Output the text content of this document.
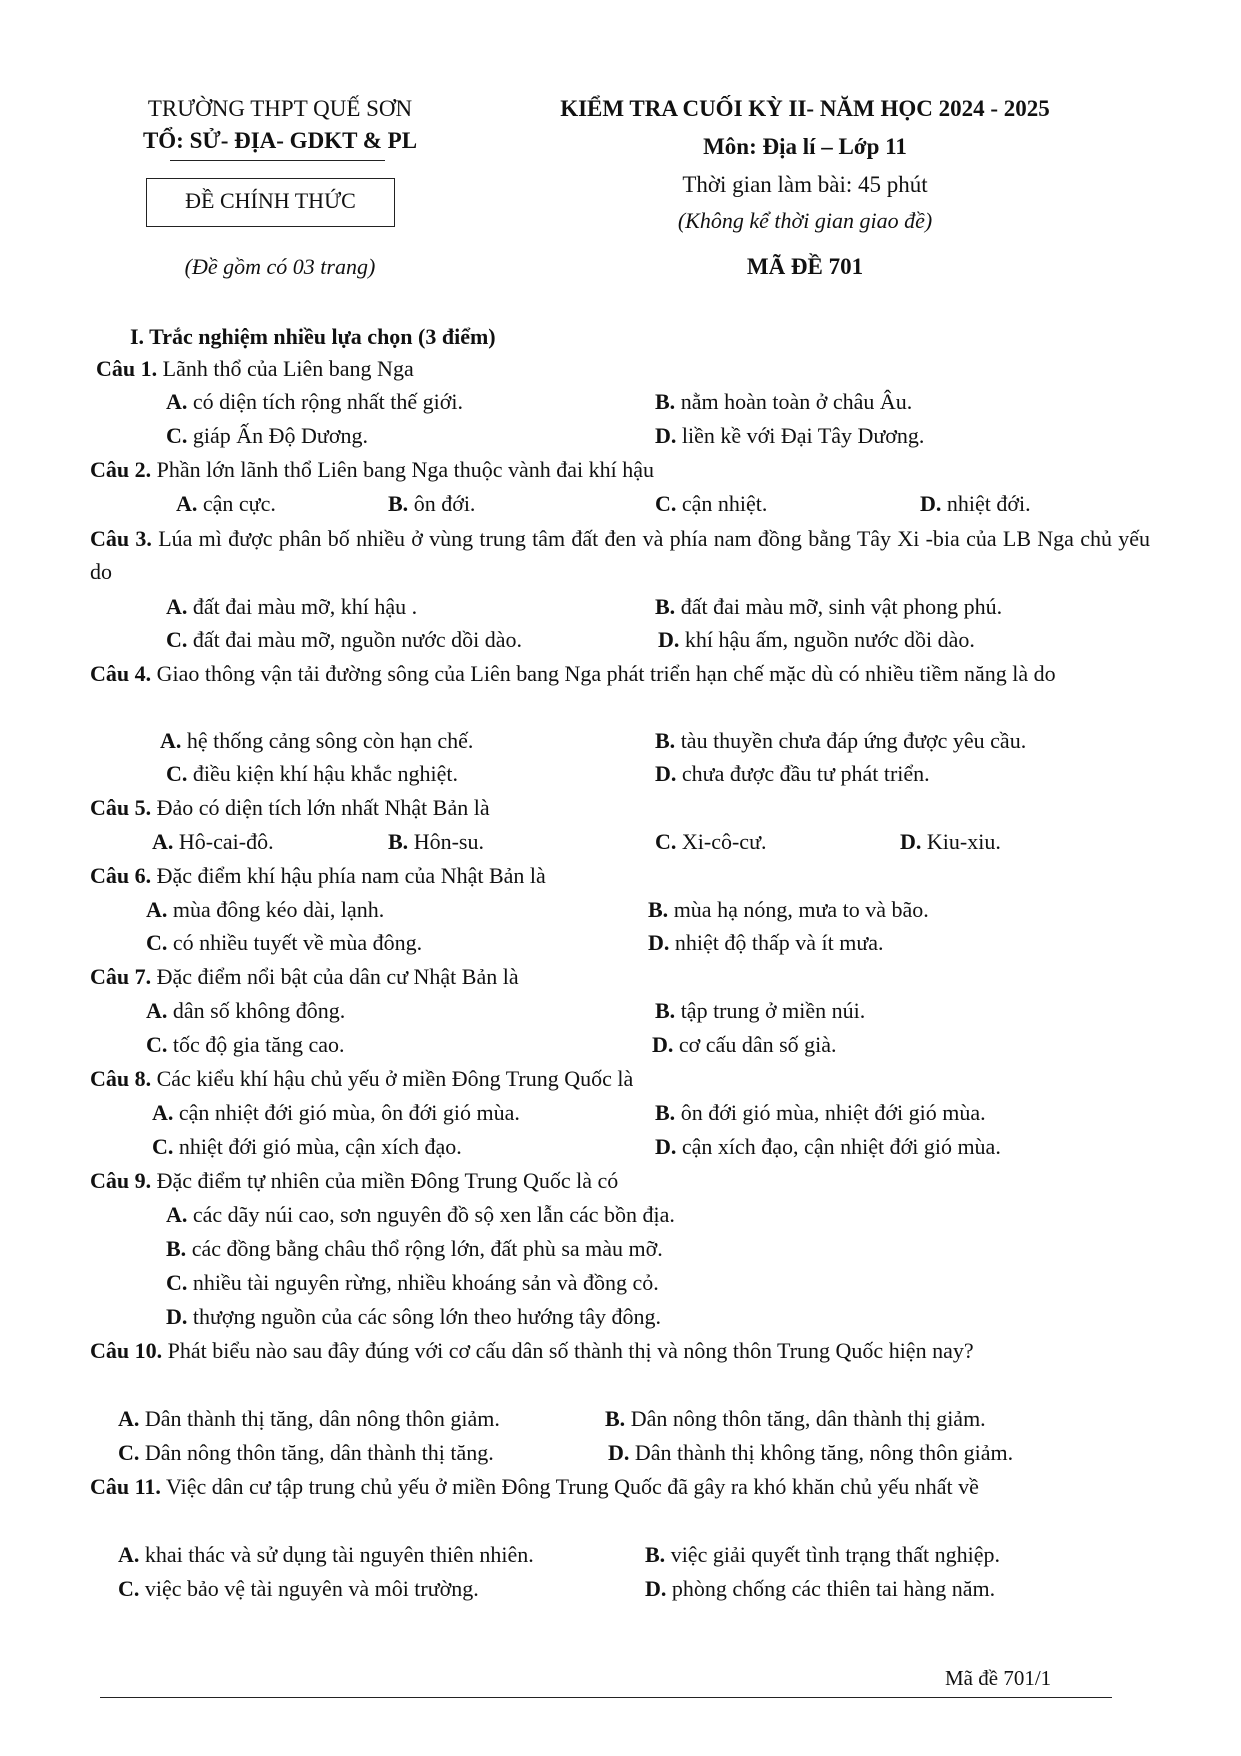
TRƯỜNG THPT QUẾ SƠN
TỔ: SỬ- ĐỊA- GDKT & PL
ĐỀ CHÍNH THỨC
(Đề gồm có 03 trang)
KIỂM TRA CUỐI KỲ II- NĂM HỌC 2024 - 2025
Môn: Địa lí – Lớp 11
Thời gian làm bài: 45 phút
(Không kể thời gian giao đề)
MÃ ĐỀ 701
I. Trắc nghiệm nhiều lựa chọn (3 điểm)
Câu 1. Lãnh thổ của Liên bang Nga
A. có diện tích rộng nhất thế giới.	B. nằm hoàn toàn ở châu Âu.
C. giáp Ấn Độ Dương.	D. liền kề với Đại Tây Dương.
Câu 2. Phần lớn lãnh thổ Liên bang Nga thuộc vành đai khí hậu
A. cận cực.	B. ôn đới.	C. cận nhiệt.	D. nhiệt đới.
Câu 3. Lúa mì được phân bố nhiều ở vùng trung tâm đất đen và phía nam đồng bằng Tây Xi -bia của LB Nga chủ yếu do
A. đất đai màu mỡ, khí hậu .	B. đất đai màu mỡ, sinh vật phong phú.
C. đất đai màu mỡ, nguồn nước dồi dào.	D. khí hậu ấm, nguồn nước dồi dào.
Câu 4. Giao thông vận tải đường sông của Liên bang Nga phát triển hạn chế mặc dù có nhiều tiềm năng là do
A. hệ thống cảng sông còn hạn chế.	B. tàu thuyền chưa đáp ứng được yêu cầu.
C. điều kiện khí hậu khắc nghiệt.	D. chưa được đầu tư phát triển.
Câu 5. Đảo có diện tích lớn nhất Nhật Bản là
A. Hô-cai-đô.	B. Hôn-su.	C. Xi-cô-cư.	D. Kiu-xiu.
Câu 6. Đặc điểm khí hậu phía nam của Nhật Bản là
A. mùa đông kéo dài, lạnh.	B. mùa hạ nóng, mưa to và bão.
C. có nhiều tuyết về mùa đông.	D. nhiệt độ thấp và ít mưa.
Câu 7. Đặc điểm nổi bật của dân cư Nhật Bản là
A. dân số không đông.	B. tập trung ở miền núi.
C. tốc độ gia tăng cao.	D. cơ cấu dân số già.
Câu 8. Các kiểu khí hậu chủ yếu ở miền Đông Trung Quốc là
A. cận nhiệt đới gió mùa, ôn đới gió mùa.	B. ôn đới gió mùa, nhiệt đới gió mùa.
C. nhiệt đới gió mùa, cận xích đạo.	D. cận xích đạo, cận nhiệt đới gió mùa.
Câu 9. Đặc điểm tự nhiên của miền Đông Trung Quốc là có
A. các dãy núi cao, sơn nguyên đồ sộ xen lẫn các bồn địa.
B. các đồng bằng châu thổ rộng lớn, đất phù sa màu mỡ.
C. nhiều tài nguyên rừng, nhiều khoáng sản và đồng cỏ.
D. thượng nguồn của các sông lớn theo hướng tây đông.
Câu 10. Phát biểu nào sau đây đúng với cơ cấu dân số thành thị và nông thôn Trung Quốc hiện nay?
A. Dân thành thị tăng, dân nông thôn giảm.	B. Dân nông thôn tăng, dân thành thị giảm.
C. Dân nông thôn tăng, dân thành thị tăng.	D. Dân thành thị không tăng, nông thôn giảm.
Câu 11. Việc dân cư tập trung chủ yếu ở miền Đông Trung Quốc đã gây ra khó khăn chủ yếu nhất về
A. khai thác và sử dụng tài nguyên thiên nhiên.	B. việc giải quyết tình trạng thất nghiệp.
C. việc bảo vệ tài nguyên và môi trường.	D. phòng chống các thiên tai hàng năm.
Mã đề 701/1
